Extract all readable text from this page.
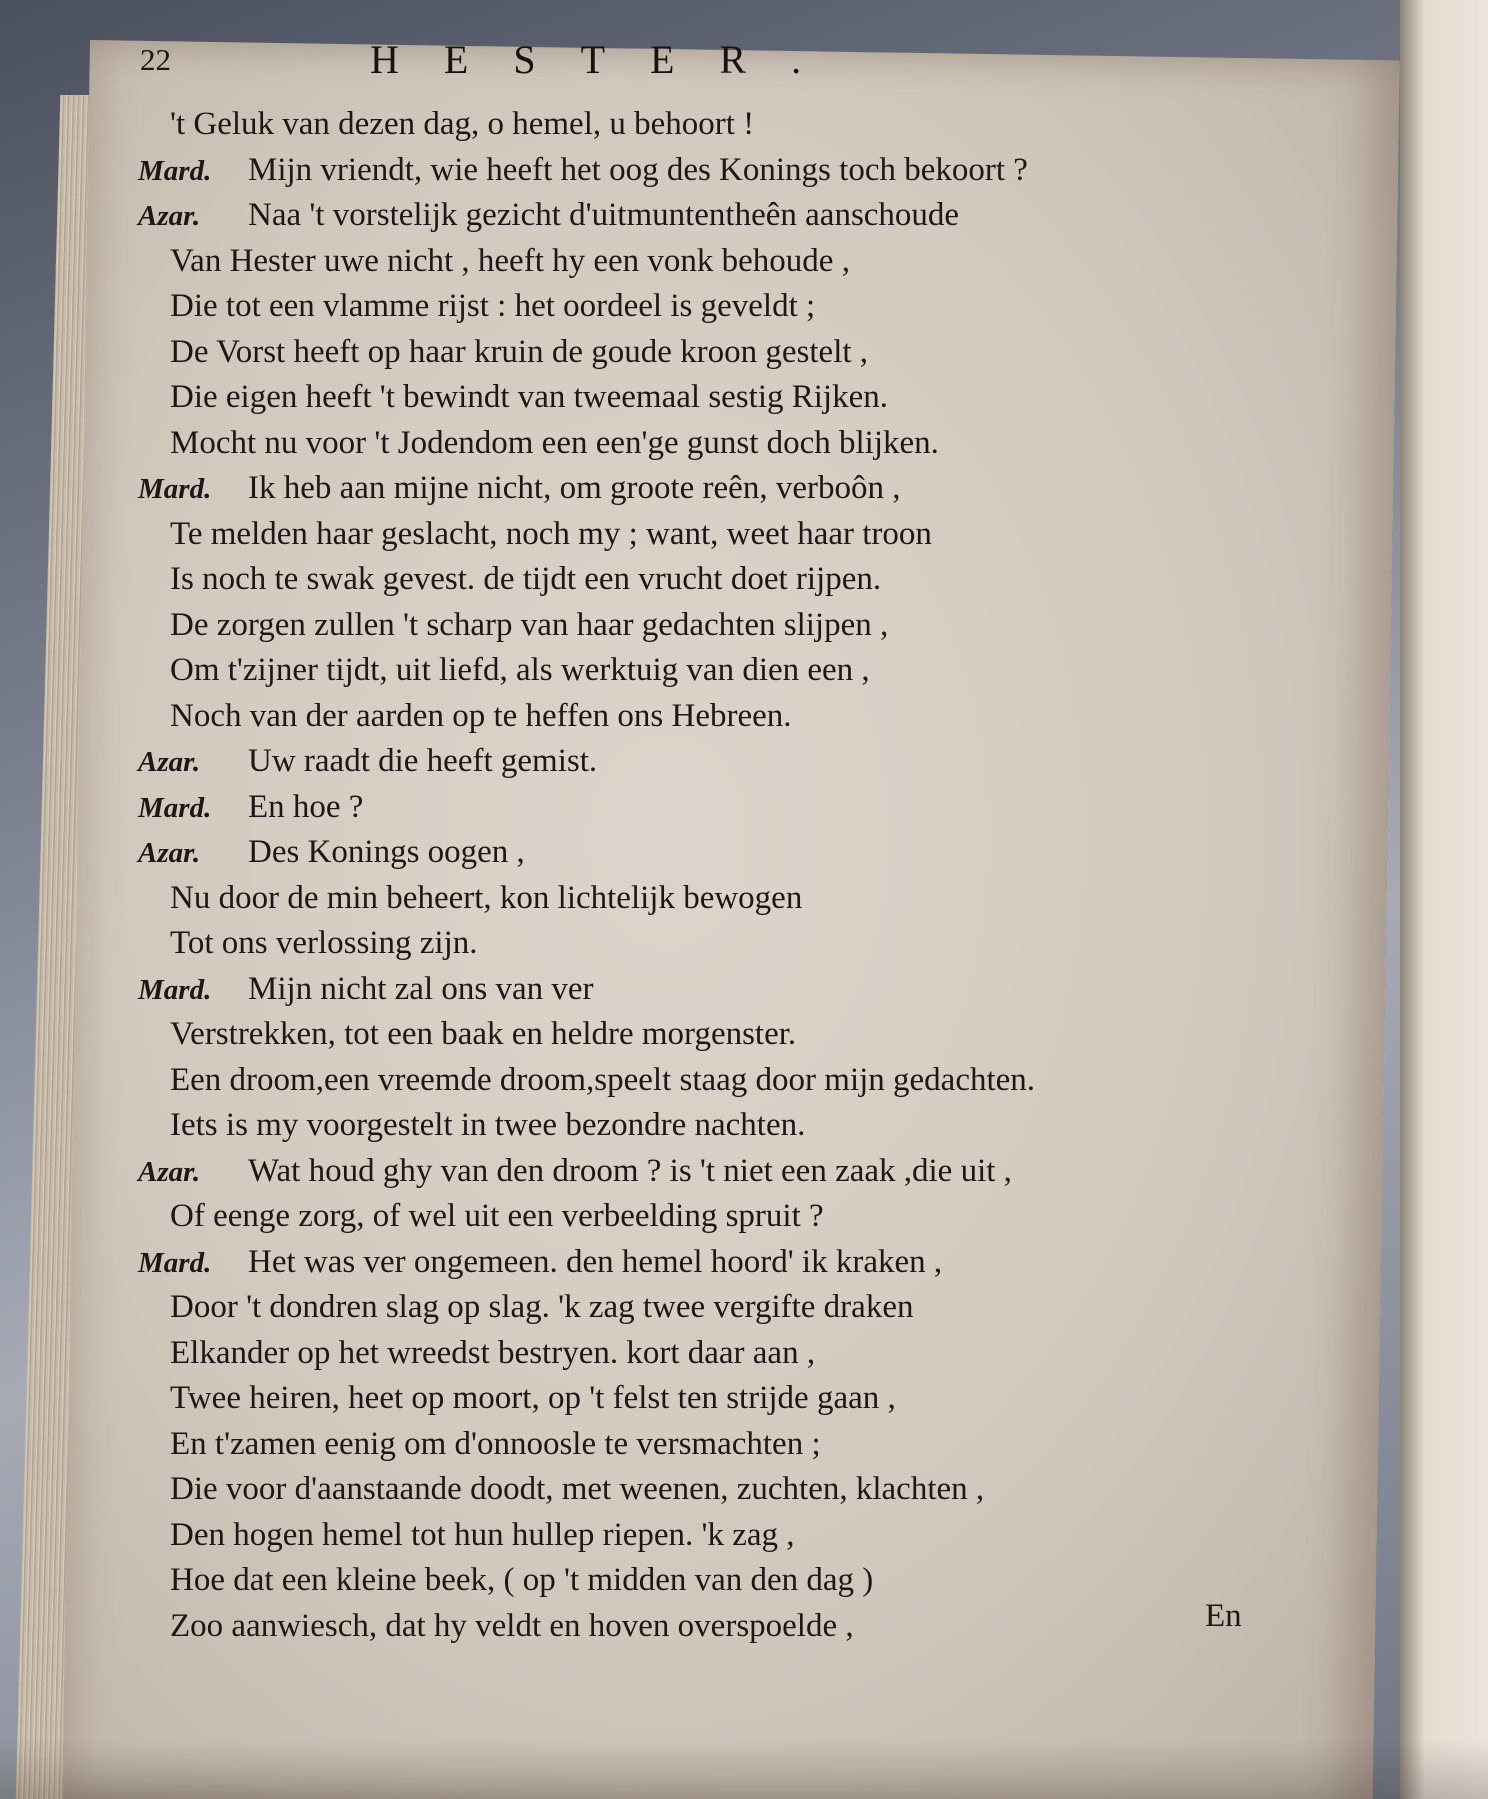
22	HESTER.
't Geluk van dezen dag, o hemel, u behoort !
Mard. Mijn vriendt, wie heeft het oog des Konings toch bekoort ?
Azar. Naa 't vorstelijk gezicht d'uitmuntentheên aanschoude
Van Hester uwe nicht , heeft hy een vonk behoude ,
Die tot een vlamme rijst : het oordeel is geveldt ;
De Vorst heeft op haar kruin de goude kroon gestelt ,
Die eigen heeft 't bewindt van tweemaal sestig Rijken.
Mocht nu voor 't Jodendom een een'ge gunst doch blijken.
Mard. Ik heb aan mijne nicht, om groote reên, verboôn ,
Te melden haar geslacht, noch my ; want, weet haar troon
Is noch te swak gevest. de tijdt een vrucht doet rijpen.
De zorgen zullen 't scharp van haar gedachten slijpen ,
Om t'zijner tijdt, uit liefd, als werktuig van dien een ,
Noch van der aarden op te heffen ons Hebreen.
Azar. Uw raadt die heeft gemist.
Mard. En hoe ?
Azar. Des Konings oogen ,
Nu door de min beheert, kon lichtelijk bewogen
Tot ons verlossing zijn.
Mard. Mijn nicht zal ons van ver
Verstrekken, tot een baak en heldre morgenster.
Een droom,een vreemde droom,speelt staag door mijn gedachten.
Iets is my voorgestelt in twee bezondre nachten.
Azar. Wat houd ghy van den droom ? is 't niet een zaak ,die uit ,
Of eenge zorg, of wel uit een verbeelding spruit ?
Mard. Het was ver ongemeen. den hemel hoord' ik kraken ,
Door 't dondren slag op slag. 'k zag twee vergifte draken
Elkander op het wreedst bestryen. kort daar aan ,
Twee heiren, heet op moort, op 't felst ten strijde gaan ,
En t'zamen eenig om d'onnoosle te versmachten ;
Die voor d'aanstaande doodt, met weenen, zuchten, klachten ,
Den hogen hemel tot hun hullep riepen. 'k zag ,
Hoe dat een kleine beek, ( op 't midden van den dag )
Zoo aanwiesch, dat hy veldt en hoven overspoelde ,	En
